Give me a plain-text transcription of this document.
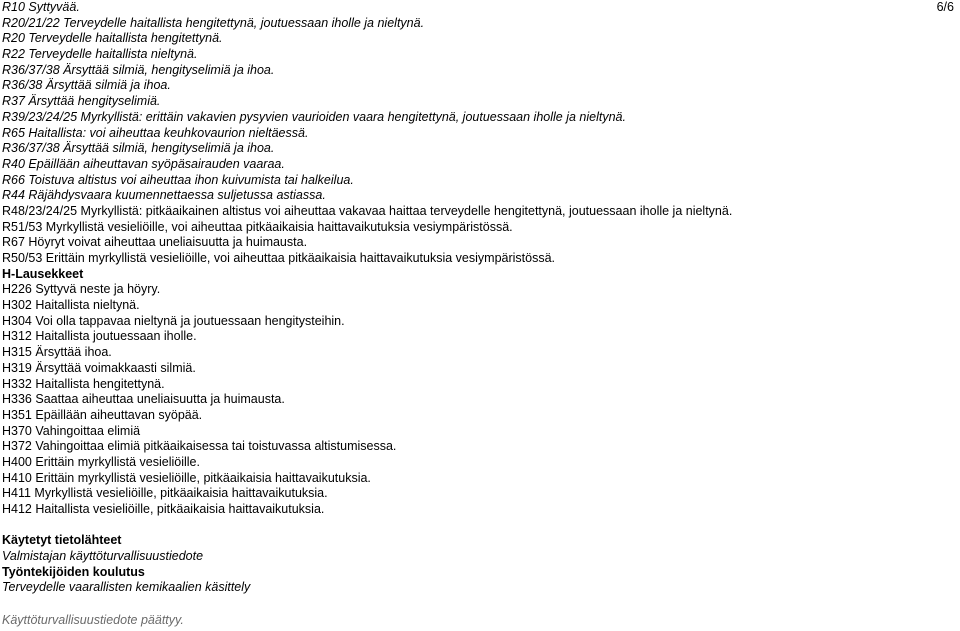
6/6
R10 Syttyvää.
R20/21/22 Terveydelle haitallista hengitettynä, joutuessaan iholle ja nieltynä.
R20 Terveydelle haitallista hengitettynä.
R22 Terveydelle haitallista nieltynä.
R36/37/38 Ärsyttää silmiä, hengityselimiä ja ihoa.
R36/38 Ärsyttää silmiä ja ihoa.
R37 Ärsyttää hengityselimiä.
R39/23/24/25 Myrkyllistä: erittäin vakavien pysyvien vaurioiden vaara hengitettynä, joutuessaan iholle ja nieltynä.
R65 Haitallista: voi aiheuttaa keuhkovaurion nieltäessä.
R36/37/38 Ärsyttää silmiä, hengityselimiä ja ihoa.
R40 Epäillään aiheuttavan syöpäsairauden vaaraa.
R66 Toistuva altistus voi aiheuttaa ihon kuivumista tai halkeilua.
R44 Räjähdysvaara kuumennettaessa suljetussa astiassa.
R48/23/24/25 Myrkyllistä: pitkäaikainen altistus voi aiheuttaa vakavaa haittaa terveydelle hengitettynä, joutuessaan iholle ja nieltynä.
R51/53 Myrkyllistä vesieliöille, voi aiheuttaa pitkäaikaisia haittavaikutuksia vesiympäristössä.
R67 Höyryt voivat aiheuttaa uneliaisuutta ja huimausta.
R50/53 Erittäin myrkyllistä vesieliöille, voi aiheuttaa pitkäaikaisia haittavaikutuksia vesiympäristössä.
H-Lausekkeet
H226 Syttyvä neste ja höyry.
H302 Haitallista nieltynä.
H304 Voi olla tappavaa nieltynä ja joutuessaan hengitysteihin.
H312 Haitallista joutuessaan iholle.
H315 Ärsyttää ihoa.
H319 Ärsyttää voimakkaasti silmiä.
H332 Haitallista hengitettynä.
H336 Saattaa aiheuttaa uneliaisuutta ja huimausta.
H351 Epäillään aiheuttavan syöpää.
H370 Vahingoittaa elimiä
H372 Vahingoittaa elimiä pitkäaikaisessa tai toistuvassa altistumisessa.
H400 Erittäin myrkyllistä vesieliöille.
H410 Erittäin myrkyllistä vesieliöille, pitkäaikaisia haittavaikutuksia.
H411 Myrkyllistä vesieliöille, pitkäaikaisia haittavaikutuksia.
H412 Haitallista vesieliöille, pitkäaikaisia haittavaikutuksia.
Käytetyt tietolähteet
Valmistajan käyttöturvallisuustiedote
Työntekijöiden koulutus
Terveydelle vaarallisten kemikaalien käsittely
Käyttöturvallisuustiedote päättyy.
